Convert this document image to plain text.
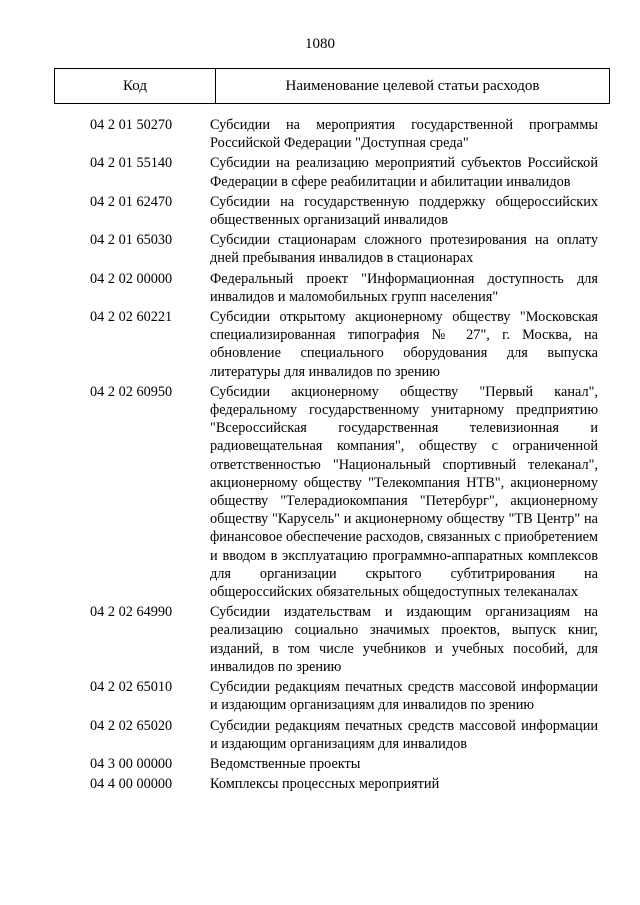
1080
Код	Наименование целевой статьи расходов
04 2 01 50270	Субсидии на мероприятия государственной программы Российской Федерации "Доступная среда"
04 2 01 55140	Субсидии на реализацию мероприятий субъектов Российской Федерации в сфере реабилитации и абилитации инвалидов
04 2 01 62470	Субсидии на государственную поддержку общероссийских общественных организаций инвалидов
04 2 01 65030	Субсидии стационарам сложного протезирования на оплату дней пребывания инвалидов в стационарах
04 2 02 00000	Федеральный проект "Информационная доступность для инвалидов и маломобильных групп населения"
04 2 02 60221	Субсидии открытому акционерному обществу "Московская специализированная типография № 27", г. Москва, на обновление специального оборудования для выпуска литературы для инвалидов по зрению
04 2 02 60950	Субсидии акционерному обществу "Первый канал", федеральному государственному унитарному предприятию "Всероссийская государственная телевизионная и радиовещательная компания", обществу с ограниченной ответственностью "Национальный спортивный телеканал", акционерному обществу "Телекомпания НТВ", акционерному обществу "Телерадиокомпания "Петербург", акционерному обществу "Карусель" и акционерному обществу "ТВ Центр" на финансовое обеспечение расходов, связанных с приобретением и вводом в эксплуатацию программно-аппаратных комплексов для организации скрытого субтитрирования на общероссийских обязательных общедоступных телеканалах
04 2 02 64990	Субсидии издательствам и издающим организациям на реализацию социально значимых проектов, выпуск книг, изданий, в том числе учебников и учебных пособий, для инвалидов по зрению
04 2 02 65010	Субсидии редакциям печатных средств массовой информации и издающим организациям для инвалидов по зрению
04 2 02 65020	Субсидии редакциям печатных средств массовой информации и издающим организациям для инвалидов
04 3 00 00000	Ведомственные проекты
04 4 00 00000	Комплексы процессных мероприятий
